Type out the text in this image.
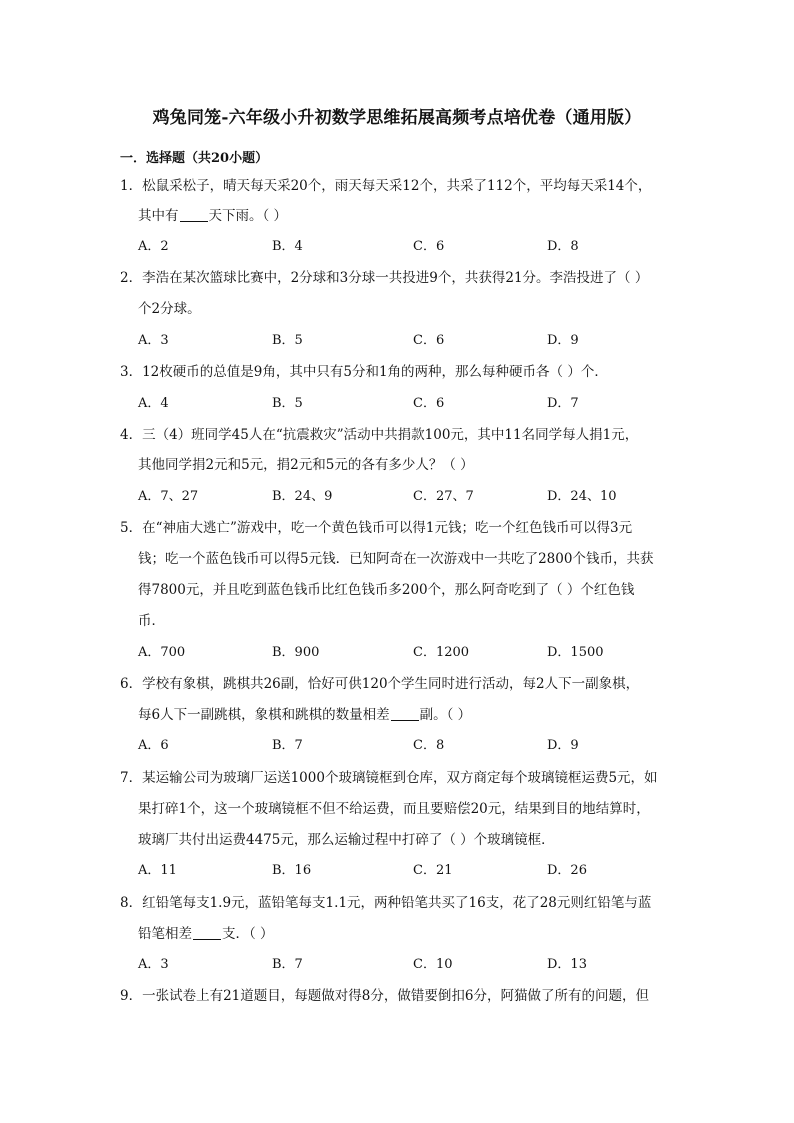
鸡兔同笼-六年级小升初数学思维拓展高频考点培优卷（通用版）
一．选择题（共20小题）
1．松鼠采松子，晴天每天采20个，雨天每天采12个，共采了112个，平均每天采14个，
其中有 天下雨。（ ）
A．2	B．4	C．6	D．8
2．李浩在某次篮球比赛中，2分球和3分球一共投进9个，共获得21分。李浩投进了（ ）
个2分球。
A．3	B．5	C．6	D．9
3．12枚硬币的总值是9角，其中只有5分和1角的两种，那么每种硬币各（ ）个．
A．4	B．5	C．6	D．7
4．三（4）班同学45人在“抗震救灾”活动中共捐款100元，其中11名同学每人捐1元，
其他同学捐2元和5元，捐2元和5元的各有多少人？（ ）
A．7、27	B．24、9	C．27、7	D．24、10
5．在“神庙大逃亡”游戏中，吃一个黄色钱币可以得1元钱；吃一个红色钱币可以得3元
钱；吃一个蓝色钱币可以得5元钱．已知阿奇在一次游戏中一共吃了2800个钱币，共获
得7800元，并且吃到蓝色钱币比红色钱币多200个，那么阿奇吃到了（ ）个红色钱
币．
A．700	B．900	C．1200	D．1500
6．学校有象棋，跳棋共26副，恰好可供120个学生同时进行活动，每2人下一副象棋，
每6人下一副跳棋，象棋和跳棋的数量相差 副。（ ）
A．6	B．7	C．8	D．9
7．某运输公司为玻璃厂运送1000个玻璃镜框到仓库，双方商定每个玻璃镜框运费5元，如
果打碎1个，这一个玻璃镜框不但不给运费，而且要赔偿20元，结果到目的地结算时，
玻璃厂共付出运费4475元，那么运输过程中打碎了（ ）个玻璃镜框．
A．11	B．16	C．21	D．26
8．红铅笔每支1.9元，蓝铅笔每支1.1元，两种铅笔共买了16支，花了28元则红铅笔与蓝
铅笔相差 支．（ ）
A．3	B．7	C．10	D．13
9．一张试卷上有21道题目，每题做对得8分，做错要倒扣6分，阿猫做了所有的问题，但
